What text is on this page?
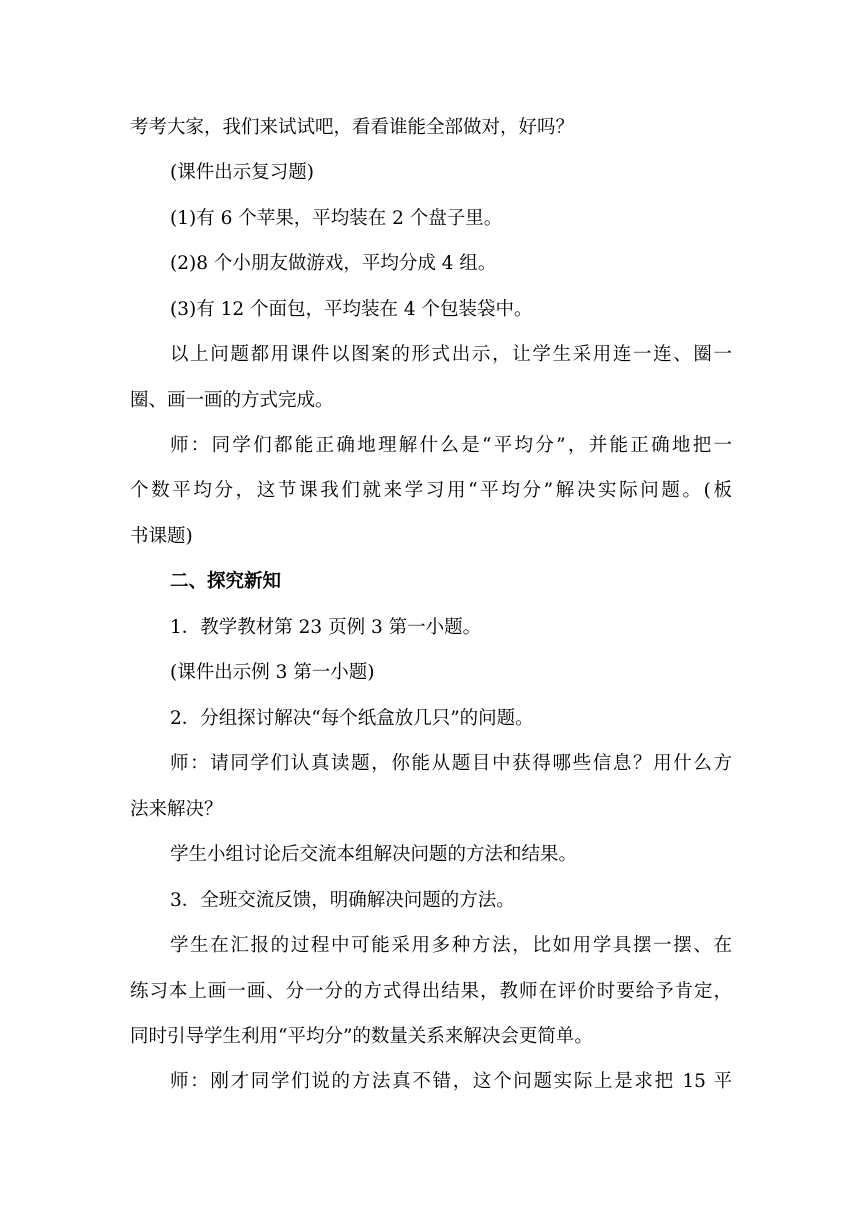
考考大家，我们来试试吧，看看谁能全部做对，好吗？
(课件出示复习题)
(1)有 6 个苹果，平均装在 2 个盘子里。
(2)8 个小朋友做游戏，平均分成 4 组。
(3)有 12 个面包，平均装在 4 个包装袋中。
以上问题都用课件以图案的形式出示，让学生采用连一连、圈一
圈、画一画的方式完成。
师：同学们都能正确地理解什么是“平均分”，并能正确地把一
个数平均分，这节课我们就来学习用“平均分”解决实际问题。(板
书课题)
二、探究新知
1．教学教材第 23 页例 3 第一小题。
(课件出示例 3 第一小题)
2．分组探讨解决“每个纸盒放几只”的问题。
师：请同学们认真读题，你能从题目中获得哪些信息？用什么方
法来解决？
学生小组讨论后交流本组解决问题的方法和结果。
3．全班交流反馈，明确解决问题的方法。
学生在汇报的过程中可能采用多种方法，比如用学具摆一摆、在
练习本上画一画、分一分的方式得出结果，教师在评价时要给予肯定，
同时引导学生利用“平均分”的数量关系来解决会更简单。
师：刚才同学们说的方法真不错，这个问题实际上是求把 15 平
